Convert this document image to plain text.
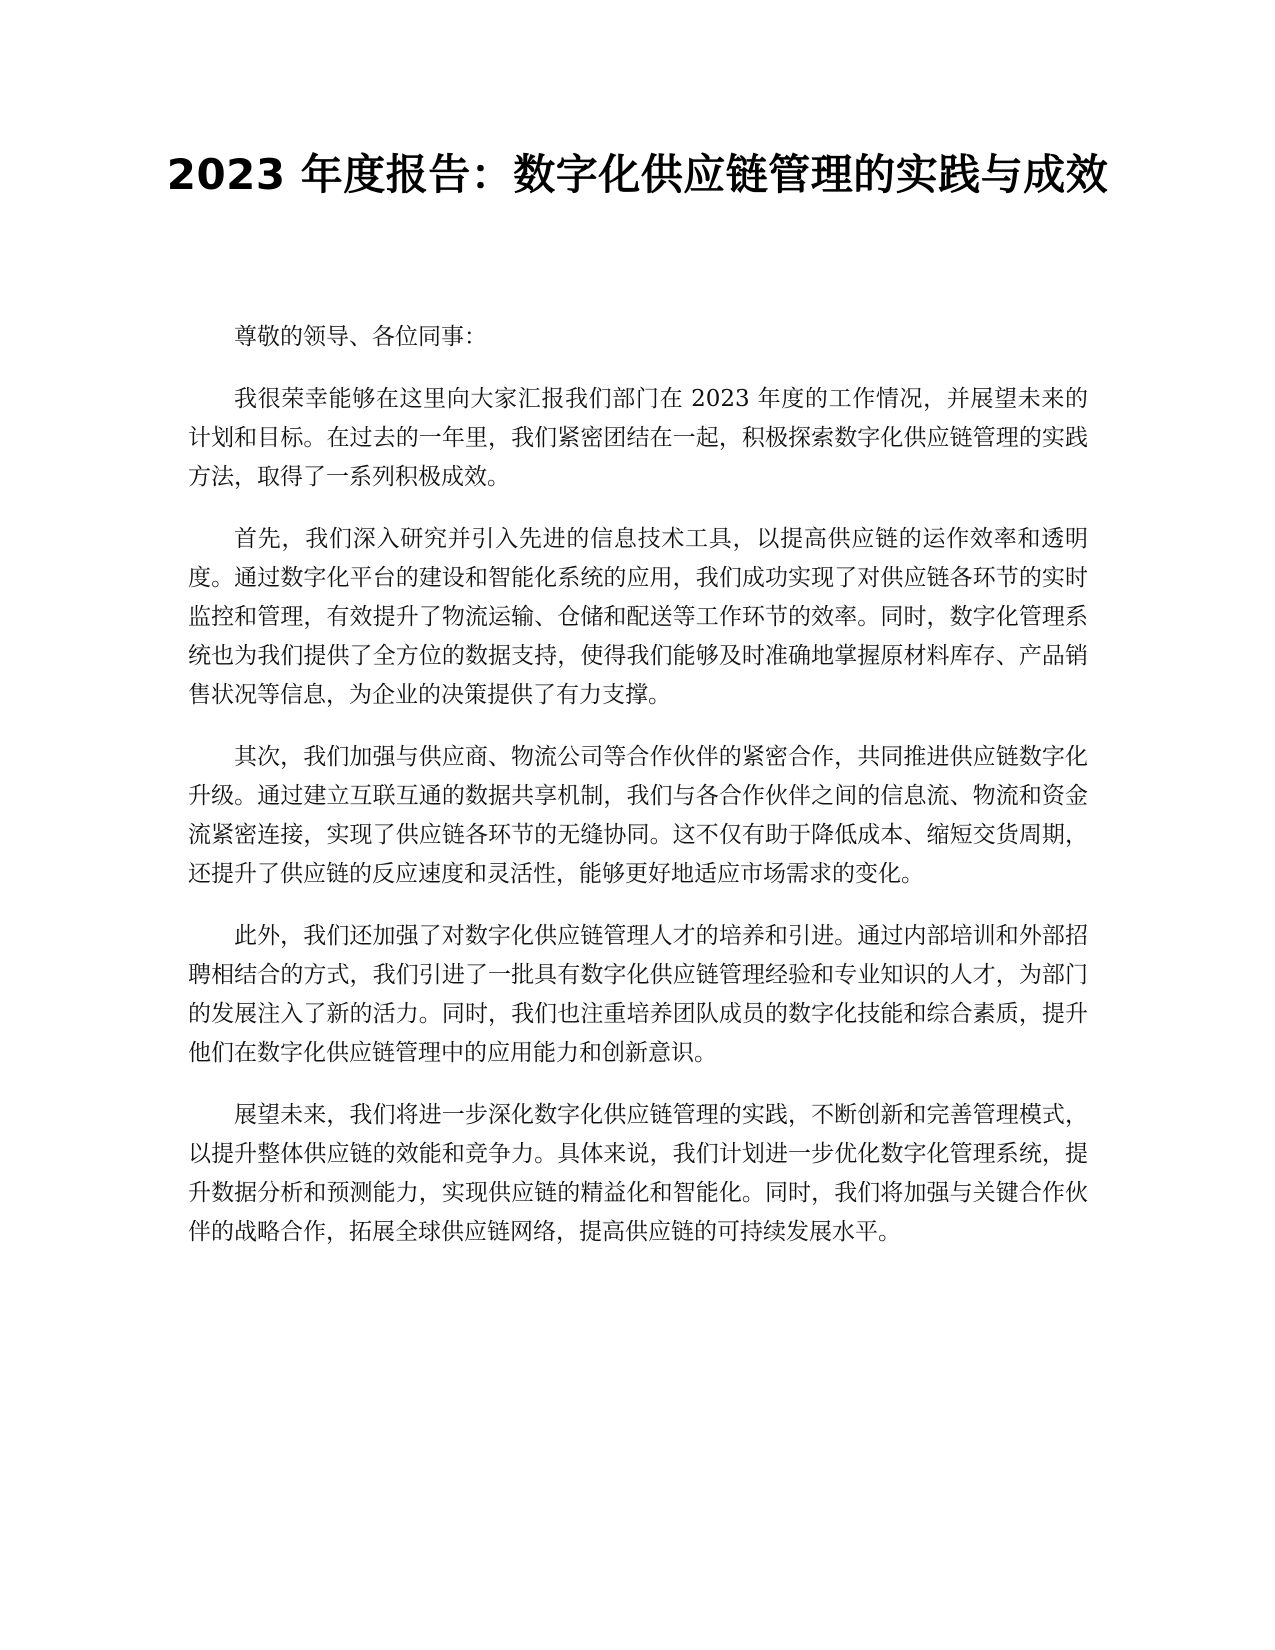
2023 年度报告：数字化供应链管理的实践与成效

尊敬的领导、各位同事：

我很荣幸能够在这里向大家汇报我们部门在 2023 年度的工作情况，并展望未来的计划和目标。在过去的一年里，我们紧密团结在一起，积极探索数字化供应链管理的实践方法，取得了一系列积极成效。

首先，我们深入研究并引入先进的信息技术工具，以提高供应链的运作效率和透明度。通过数字化平台的建设和智能化系统的应用，我们成功实现了对供应链各环节的实时监控和管理，有效提升了物流运输、仓储和配送等工作环节的效率。同时，数字化管理系统也为我们提供了全方位的数据支持，使得我们能够及时准确地掌握原材料库存、产品销售状况等信息，为企业的决策提供了有力支撑。

其次，我们加强与供应商、物流公司等合作伙伴的紧密合作，共同推进供应链数字化升级。通过建立互联互通的数据共享机制，我们与各合作伙伴之间的信息流、物流和资金流紧密连接，实现了供应链各环节的无缝协同。这不仅有助于降低成本、缩短交货周期，还提升了供应链的反应速度和灵活性，能够更好地适应市场需求的变化。

此外，我们还加强了对数字化供应链管理人才的培养和引进。通过内部培训和外部招聘相结合的方式，我们引进了一批具有数字化供应链管理经验和专业知识的人才，为部门的发展注入了新的活力。同时，我们也注重培养团队成员的数字化技能和综合素质，提升他们在数字化供应链管理中的应用能力和创新意识。

展望未来，我们将进一步深化数字化供应链管理的实践，不断创新和完善管理模式，以提升整体供应链的效能和竞争力。具体来说，我们计划进一步优化数字化管理系统，提升数据分析和预测能力，实现供应链的精益化和智能化。同时，我们将加强与关键合作伙伴的战略合作，拓展全球供应链网络，提高供应链的可持续发展水平。
